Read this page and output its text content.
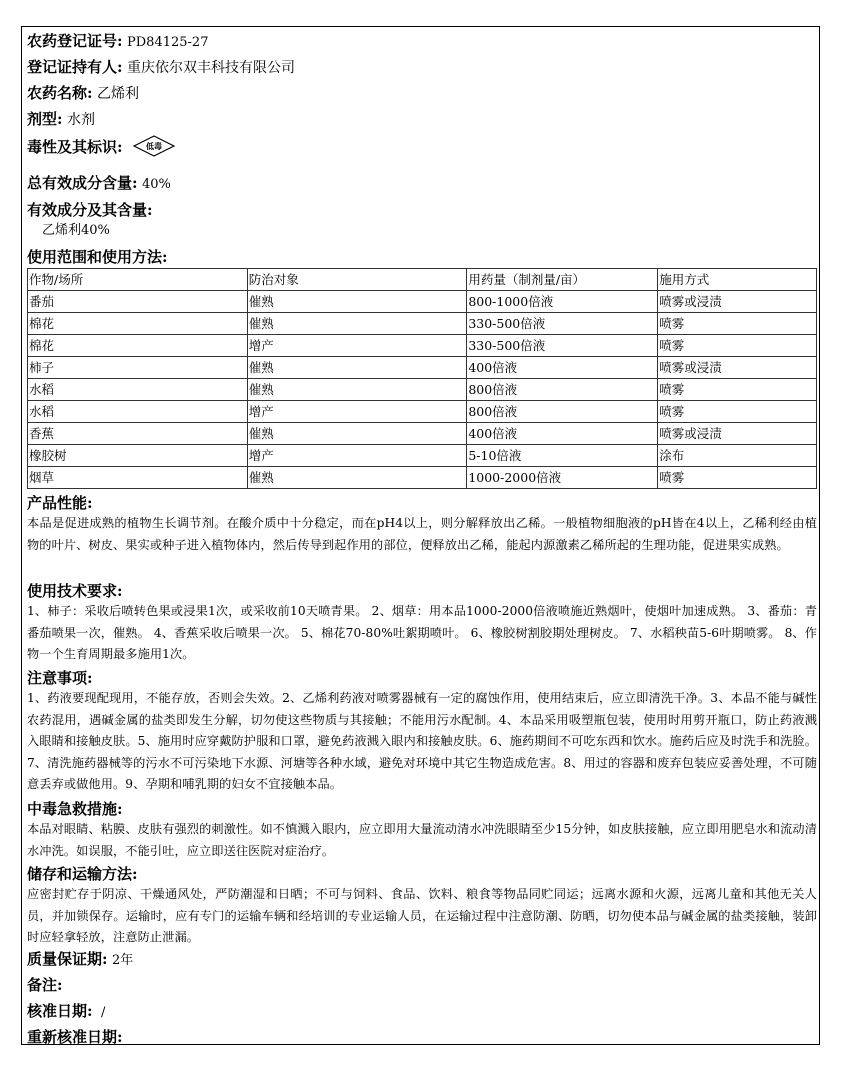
农药登记证号: PD84125-27
登记证持有人: 重庆依尔双丰科技有限公司
农药名称: 乙烯利
剂型: 水剂
毒性及其标识:	低毒
总有效成分含量: 40%
有效成分及其含量:
乙烯利40%
使用范围和使用方法:
作物/场所	防治对象	用药量（制剂量/亩）	施用方式
番茄	催熟	800-1000倍液	喷雾或浸渍
棉花	催熟	330-500倍液	喷雾
棉花	增产	330-500倍液	喷雾
柿子	催熟	400倍液	喷雾或浸渍
水稻	催熟	800倍液	喷雾
水稻	增产	800倍液	喷雾
香蕉	催熟	400倍液	喷雾或浸渍
橡胶树	增产	5-10倍液	涂布
烟草	催熟	1000-2000倍液	喷雾
产品性能:
本品是促进成熟的植物生长调节剂。在酸介质中十分稳定，而在pH4以上，则分解释放出乙稀。一般植物细胞液的pH皆在4以上，乙稀利经由植物的叶片、树皮、果实或种子进入植物体内，然后传导到起作用的部位，便释放出乙稀，能起内源激素乙稀所起的生理功能，促进果实成熟。
使用技术要求:
1、柿子：采收后喷转色果或浸果1次，或采收前10天喷青果。 2、烟草：用本品1000-2000倍液喷施近熟烟叶，使烟叶加速成熟。 3、番茄：青番茄喷果一次，催熟。 4、香蕉采收后喷果一次。 5、棉花70-80%吐絮期喷叶。 6、橡胶树割胶期处理树皮。 7、水稻秧苗5-6叶期喷雾。 8、作物一个生育周期最多施用1次。
注意事项:
1、药液要现配现用，不能存放，否则会失效。2、乙烯利药液对喷雾器械有一定的腐蚀作用，使用结束后，应立即清洗干净。3、本品不能与碱性农药混用，遇碱金属的盐类即发生分解，切勿使这些物质与其接触；不能用污水配制。4、本品采用吸塑瓶包装，使用时用剪开瓶口，防止药液溅入眼睛和接触皮肤。5、施用时应穿戴防护服和口罩，避免药液溅入眼内和接触皮肤。6、施药期间不可吃东西和饮水。施药后应及时洗手和洗脸。7、清洗施药器械等的污水不可污染地下水源、河塘等各种水域，避免对环境中其它生物造成危害。8、用过的容器和废弃包装应妥善处理，不可随意丢弃或做他用。9、孕期和哺乳期的妇女不宜接触本品。
中毒急救措施:
本品对眼睛、粘膜、皮肤有强烈的刺激性。如不慎溅入眼内，应立即用大量流动清水冲洗眼睛至少15分钟，如皮肤接触，应立即用肥皂水和流动清水冲洗。如误服，不能引吐，应立即送往医院对症治疗。
储存和运输方法:
应密封贮存于阴凉、干燥通风处，严防潮湿和日晒；不可与饲料、食品、饮料、粮食等物品同贮同运；远离水源和火源，远离儿童和其他无关人员，并加锁保存。运输时，应有专门的运输车辆和经培训的专业运输人员，在运输过程中注意防潮、防晒，切勿使本品与碱金属的盐类接触，装卸时应轻拿轻放，注意防止泄漏。
质量保证期: 2年
备注:
核准日期: /
重新核准日期:
